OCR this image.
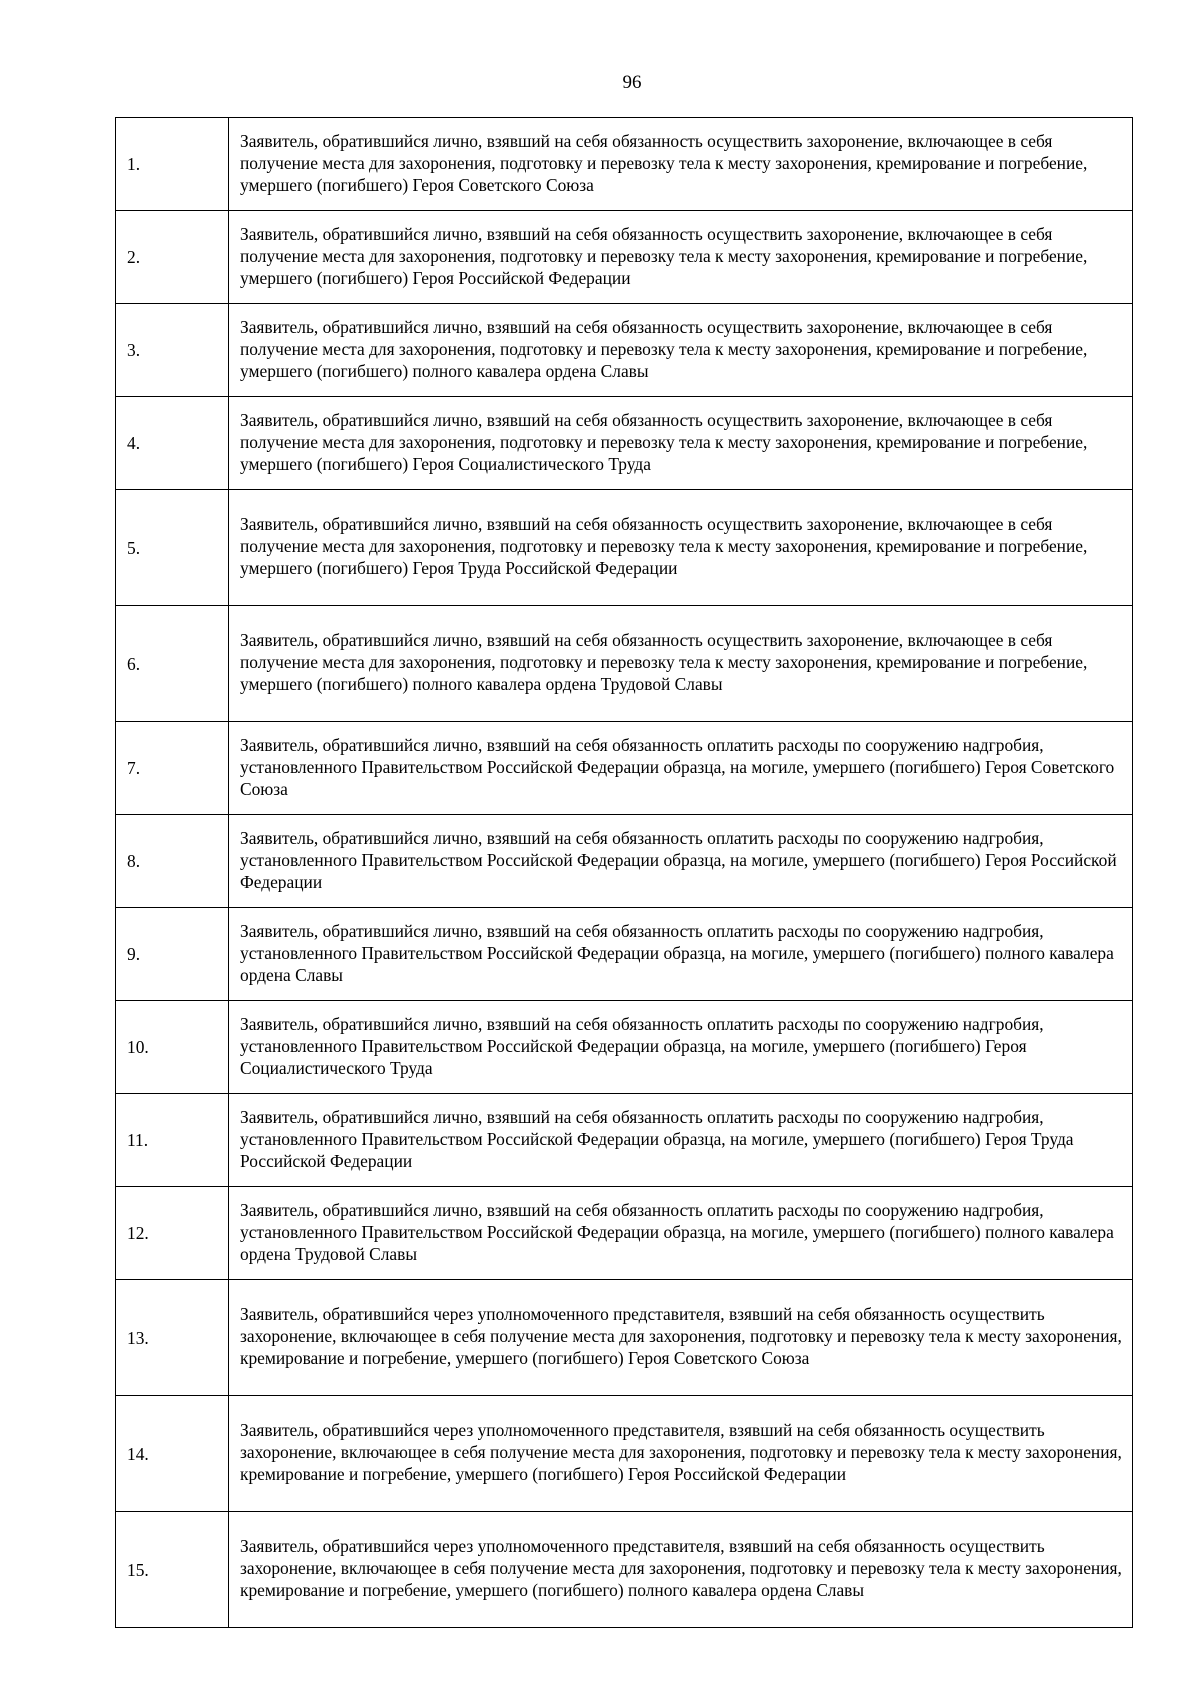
96
1.	Заявитель, обратившийся лично, взявший на себя обязанность осуществить захоронение, включающее в себя получение места для захоронения, подготовку и перевозку тела к месту захоронения, кремирование и погребение, умершего (погибшего) Героя Советского Союза
2.	Заявитель, обратившийся лично, взявший на себя обязанность осуществить захоронение, включающее в себя получение места для захоронения, подготовку и перевозку тела к месту захоронения, кремирование и погребение, умершего (погибшего) Героя Российской Федерации
3.	Заявитель, обратившийся лично, взявший на себя обязанность осуществить захоронение, включающее в себя получение места для захоронения, подготовку и перевозку тела к месту захоронения, кремирование и погребение, умершего (погибшего) полного кавалера ордена Славы
4.	Заявитель, обратившийся лично, взявший на себя обязанность осуществить захоронение, включающее в себя получение места для захоронения, подготовку и перевозку тела к месту захоронения, кремирование и погребение, умершего (погибшего) Героя Социалистического Труда
5.	Заявитель, обратившийся лично, взявший на себя обязанность осуществить захоронение, включающее в себя получение места для захоронения, подготовку и перевозку тела к месту захоронения, кремирование и погребение, умершего (погибшего) Героя Труда Российской Федерации
6.	Заявитель, обратившийся лично, взявший на себя обязанность осуществить захоронение, включающее в себя получение места для захоронения, подготовку и перевозку тела к месту захоронения, кремирование и погребение, умершего (погибшего) полного кавалера ордена Трудовой Славы
7.	Заявитель, обратившийся лично, взявший на себя обязанность оплатить расходы по сооружению надгробия, установленного Правительством Российской Федерации образца, на могиле, умершего (погибшего) Героя Советского Союза
8.	Заявитель, обратившийся лично, взявший на себя обязанность оплатить расходы по сооружению надгробия, установленного Правительством Российской Федерации образца, на могиле, умершего (погибшего) Героя Российской Федерации
9.	Заявитель, обратившийся лично, взявший на себя обязанность оплатить расходы по сооружению надгробия, установленного Правительством Российской Федерации образца, на могиле, умершего (погибшего) полного кавалера ордена Славы
10.	Заявитель, обратившийся лично, взявший на себя обязанность оплатить расходы по сооружению надгробия, установленного Правительством Российской Федерации образца, на могиле, умершего (погибшего) Героя Социалистического Труда
11.	Заявитель, обратившийся лично, взявший на себя обязанность оплатить расходы по сооружению надгробия, установленного Правительством Российской Федерации образца, на могиле, умершего (погибшего) Героя Труда Российской Федерации
12.	Заявитель, обратившийся лично, взявший на себя обязанность оплатить расходы по сооружению надгробия, установленного Правительством Российской Федерации образца, на могиле, умершего (погибшего) полного кавалера ордена Трудовой Славы
13.	Заявитель, обратившийся через уполномоченного представителя, взявший на себя обязанность осуществить захоронение, включающее в себя получение места для захоронения, подготовку и перевозку тела к месту захоронения, кремирование и погребение, умершего (погибшего) Героя Советского Союза
14.	Заявитель, обратившийся через уполномоченного представителя, взявший на себя обязанность осуществить захоронение, включающее в себя получение места для захоронения, подготовку и перевозку тела к месту захоронения, кремирование и погребение, умершего (погибшего) Героя Российской Федерации
15.	Заявитель, обратившийся через уполномоченного представителя, взявший на себя обязанность осуществить захоронение, включающее в себя получение места для захоронения, подготовку и перевозку тела к месту захоронения, кремирование и погребение, умершего (погибшего) полного кавалера ордена Славы
